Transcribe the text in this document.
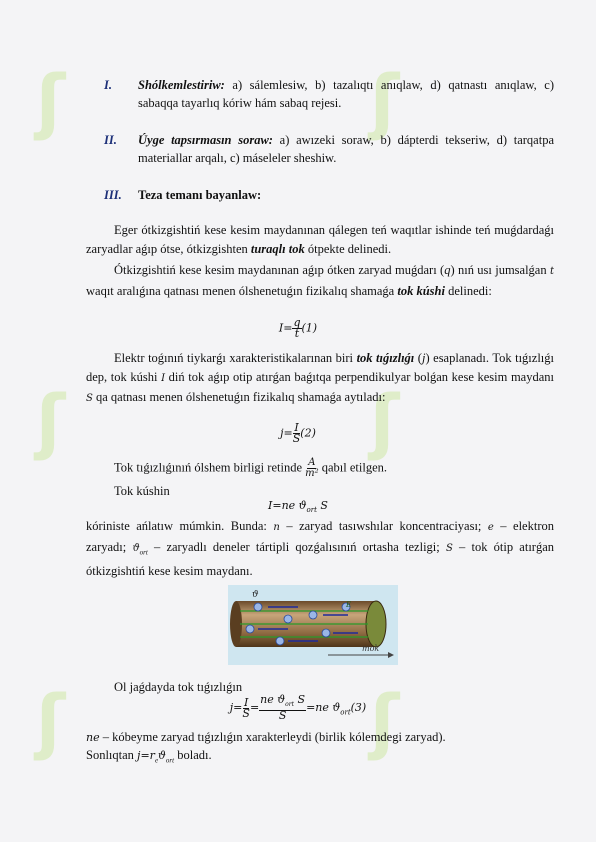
ʃ	ʃ
ʃ	ʃ
ʃ	ʃ
I.	Shólkemlestiriw: a) sálemlesiw, b) tazalıqtı anıqlaw, d) qatnastı anıqlaw, c) sabaqqa tayarlıq kóriw hám sabaq rejesi.
II.	Úyge tapsırmasın soraw: a) awızeki soraw, b) dápterdi tekseriw, d) tarqatpa materiallar arqalı, c) máseleler sheshiw.
III.	Teza temanı bayanlaw:
Eger ótkizgishtiń kese kesim maydanınan qálegen teń waqıtlar ishinde teń muǵdardaǵı zaryadlar aǵıp ótse, ótkizgishten turaqlı tok ótpekte delinedi.
Ótkizgishtiń kese kesim maydanınan aǵıp ótken zaryad muǵdarı (q) nıń usı jumsalǵan t waqıt aralıǵına qatnası menen ólshenetuǵın fizikalıq shamaǵa tok kúshi delinedi:
$I= \frac{q}{t} (1)$
Elektr toǵınıń tiykarǵı xarakteristikalarınan biri tok tıǵızlıǵı (j) esaplanadı. Tok tıǵızlıǵı dep, tok kúshi I diń tok aǵıp otip atırǵan baǵıtqa perpendikulyar bolǵan kese kesim maydanı S qa qatnası menen ólshenetuǵın fizikalıq shamaǵa aytıladı:
$j= \frac{I}{S} (2)$
Tok tıǵızlıǵınıń ólshem birligi retinde $\frac{A}{\text{m²}}$ qabıl etilgen.
Tok kúshin
I=ne $ϑ_{ort}$ S
kóriniste ańlatıw múmkin. Bunda: n – zaryad tasıwshılar koncentraciyası; e – elektron zaryadı; $ϑ_{ort}$ – zaryadlı deneler tártipli qozǵalısınıń ortasha tezligi; S – tok ótip atırǵan ótkizgishtiń kese kesim maydanı.
ϑ
E
mok
Ol jaǵdayda tok tıǵızlıǵın
$j= \frac{I}{S} = \frac{ne ϑ_{ort} S}{S} =ne$ $ϑ_{ort}(3)$
ne – kóbeyme zaryad tıǵızlıǵın xarakterleydi (birlik kólemdegi zaryad).
Sonlıqtan $j=r_eϑ_{ort}$ boladı.
